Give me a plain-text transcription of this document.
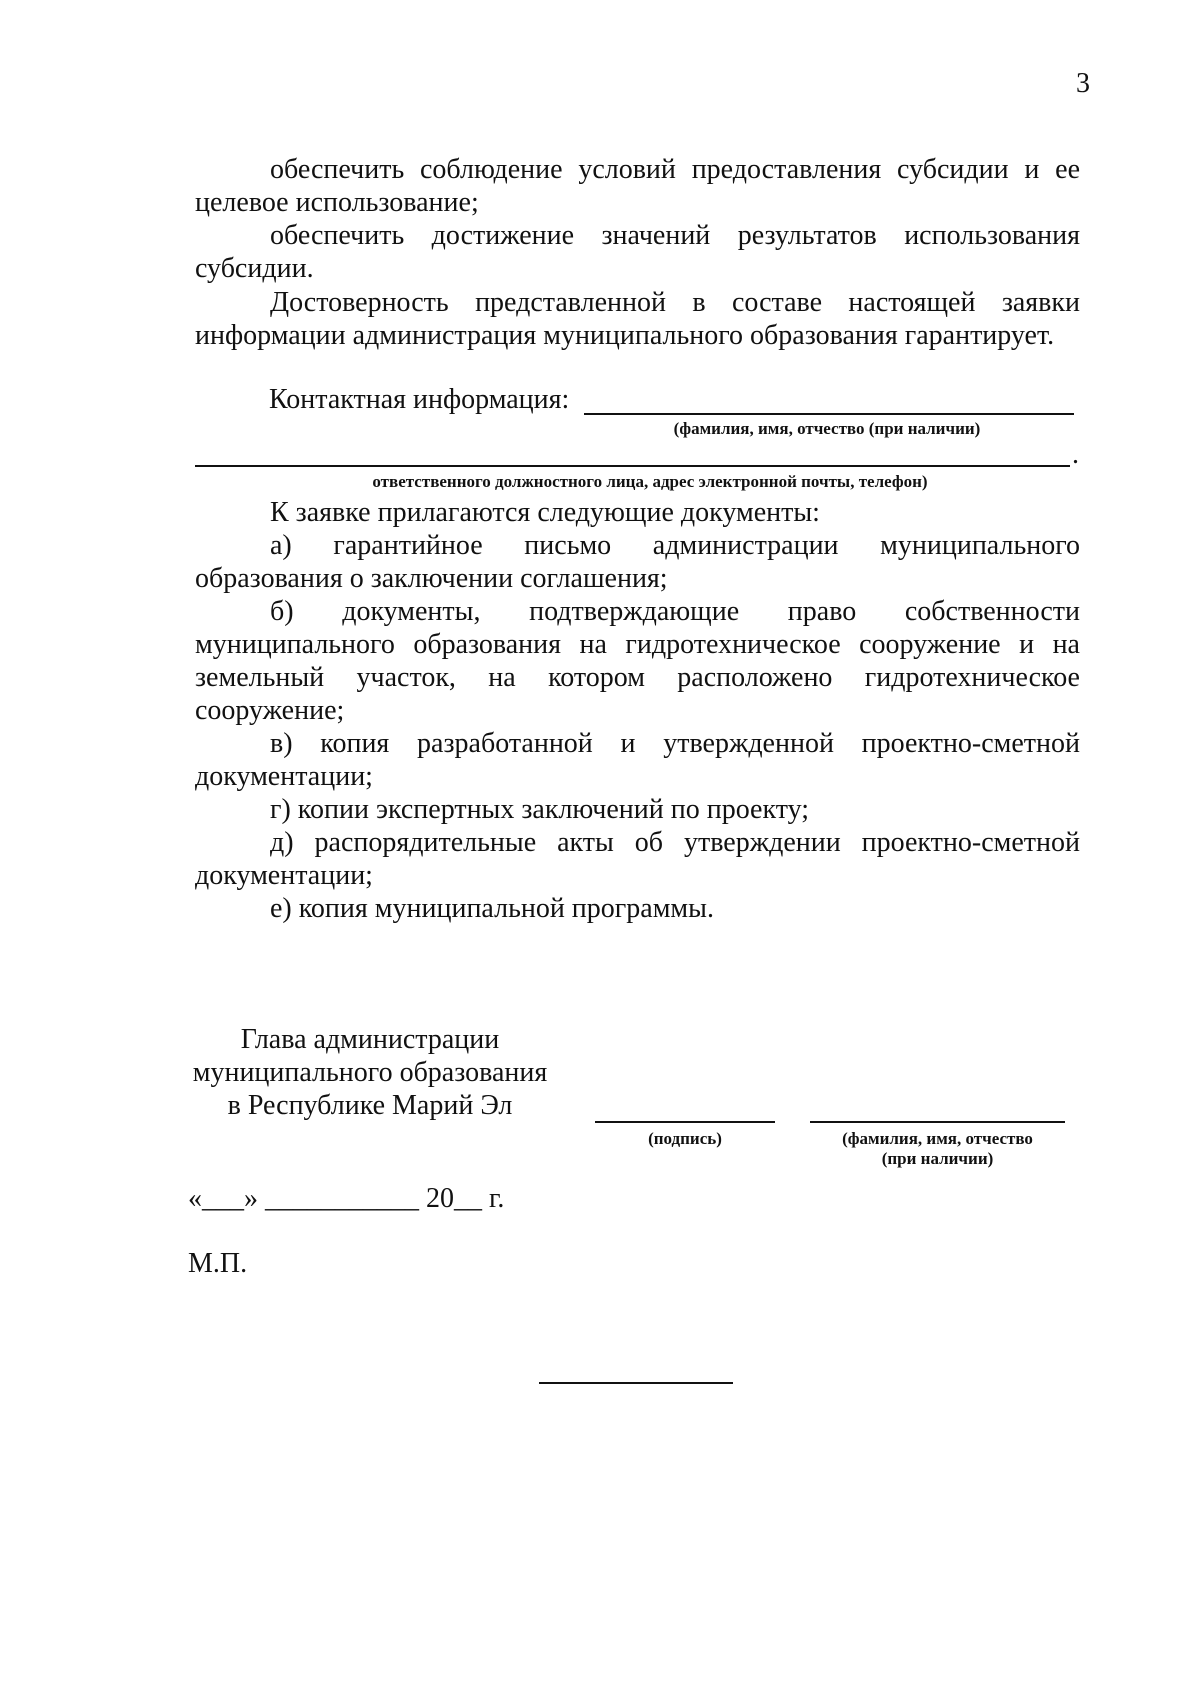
3

обеспечить соблюдение условий предоставления субсидии и ее целевое использование;

обеспечить достижение значений результатов использования субсидии.

Достоверность представленной в составе настоящей заявки информации администрация муниципального образования гарантирует.

Контактная информация:
(фамилия, имя, отчество (при наличии)
.
ответственного должностного лица, адрес электронной почты, телефон)

К заявке прилагаются следующие документы:

а) гарантийное письмо администрации муниципального образования о заключении соглашения;

б) документы, подтверждающие право собственности муниципального образования на гидротехническое сооружение и на земельный участок, на котором расположено гидротехническое сооружение;

в) копия разработанной и утвержденной проектно-сметной документации;

г) копии экспертных заключений по проекту;

д) распорядительные акты об утверждении проектно-сметной документации;

е) копия муниципальной программы.

Глава администрации
муниципального образования
в Республике Марий Эл
(подпись)	(фамилия, имя, отчество
(при наличии)
«___» ___________ 20__ г.
М.П.
